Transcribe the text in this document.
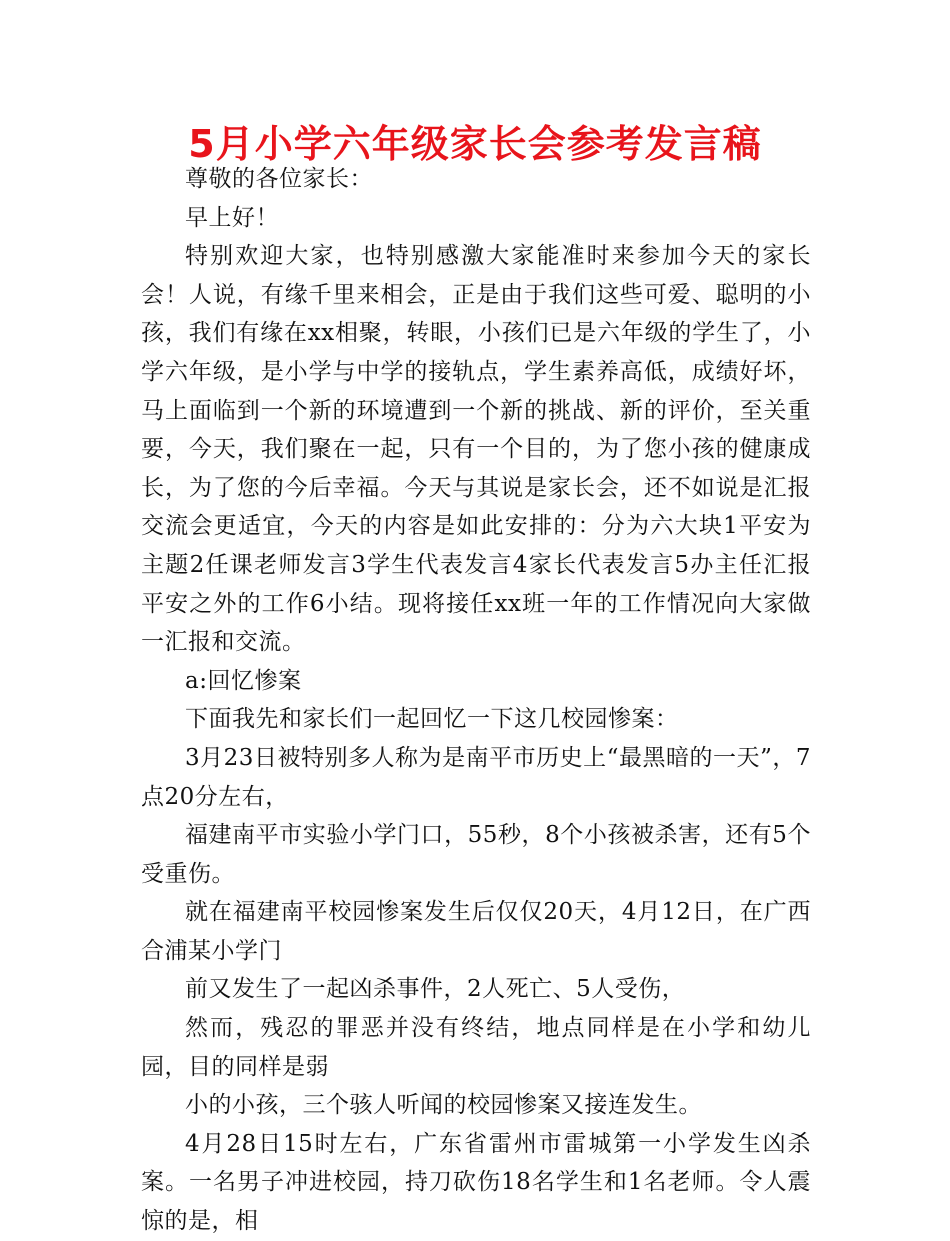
5月小学六年级家长会参考发言稿

尊敬的各位家长：

早上好！

特别欢迎大家，也特别感激大家能准时来参加今天的家长会！人说，有缘千里来相会，正是由于我们这些可爱、聪明的小孩，我们有缘在xx相聚，转眼，小孩们已是六年级的学生了，小学六年级，是小学与中学的接轨点，学生素养高低，成绩好坏，马上面临到一个新的环境遭到一个新的挑战、新的评价，至关重要，今天，我们聚在一起，只有一个目的，为了您小孩的健康成长，为了您的今后幸福。今天与其说是家长会，还不如说是汇报交流会更适宜，今天的内容是如此安排的：分为六大块1平安为主题2任课老师发言3学生代表发言4家长代表发言5办主任汇报平安之外的工作6小结。现将接任xx班一年的工作情况向大家做一汇报和交流。

a:回忆惨案

下面我先和家长们一起回忆一下这几校园惨案：

3月23日被特别多人称为是南平市历史上“最黑暗的一天”，7点20分左右，

福建南平市实验小学门口，55秒，8个小孩被杀害，还有5个受重伤。

就在福建南平校园惨案发生后仅仅20天，4月12日，在广西合浦某小学门

前又发生了一起凶杀事件，2人死亡、5人受伤，

然而，残忍的罪恶并没有终结，地点同样是在小学和幼儿园，目的同样是弱

小的小孩，三个骇人听闻的校园惨案又接连发生。

4月28日15时左右，广东省雷州市雷城第一小学发生凶杀案。一名男子冲进校园，持刀砍伤18名学生和1名老师。令人震惊的是，相
